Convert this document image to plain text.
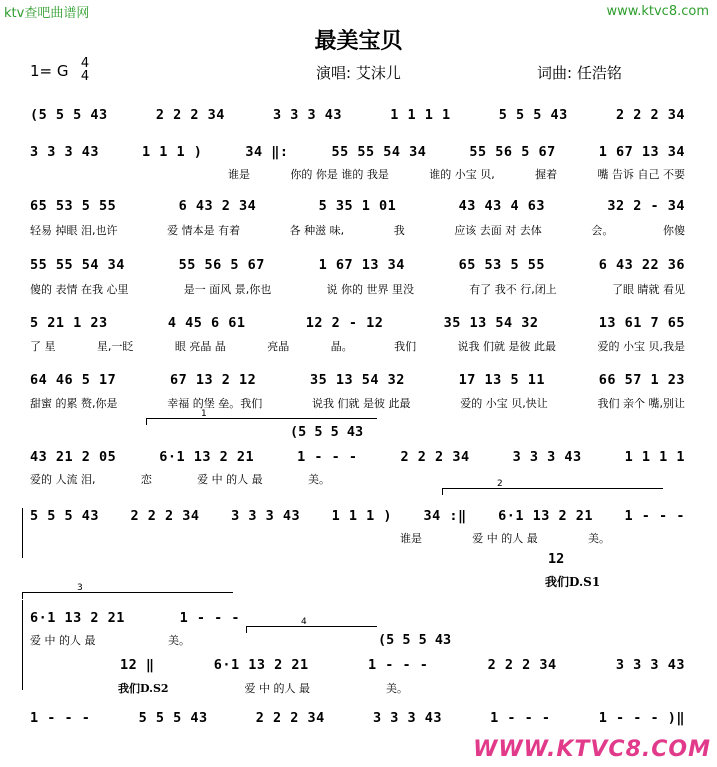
ktv查吧曲谱网	www.ktvc8.com
最美宝贝
1= G 4
4	演唱: 艾沫儿	词曲: 任浩铭
(5 5 5 43	2 2 2 34	3 3 3 43	1 1 1 1	5 5 5 43	2 2 2 34
3 3 3 43	1 1 1 )	34 ‖:	55 55 54 34	55 56 5 67	1 67 13 34
谁是	你的 你是 谁的 我是	谁的 小宝 贝,	握着	嘴 告诉 自己 不要
65 53 5 55	6 43 2 34	5 35 1 01	43 43 4 63	32 2 - 34
轻易 掉眼 泪,也许	爱 情本是 有着	各 种滋 味,	我	应该 去面 对 去体	会。	你傻
55 55 54 34	55 56 5 67	1 67 13 34	65 53 5 55	6 43 22 36
傻的 表情 在我 心里	是一 面风 景,你也	说 你的 世界 里没	有了 我不 行,闭上	了眼 睛就 看见
5 21 1 23	4 45 6 61	12 2 - 12	35 13 54 32	13 61 7 65
了 星	星,一眨	眼 亮晶 晶	亮晶	晶。	我们	说我 们就 是彼 此最	爱的 小宝 贝,我是
64 46 5 17	67 13 2 12	35 13 54 32	17 13 5 11	66 57 1 23
甜蜜 的累 赘,你是	幸福 的堡 垒。我们	说我 们就 是彼 此最	爱的 小宝 贝,快让	我们 亲个 嘴,别让
1
(5 5 5 43
43 21 2 05	6·1 13 2 21	1 - - -	2 2 2 34	3 3 3 43	1 1 1 1
爱的 人流 泪,	恋	爱 中 的人 最	美。	2
5 5 5 43 2 2 2 34 3 3 3 43 1 1 1 ) 34 :‖ 6·1 13 2 21 1 - - -
谁是	爱 中 的人 最	美。
12
我们D.S1
3
6·1 13 2 21	1 - - -
爱 中 的人 最	美。
4
(5 5 5 43
12 ‖	6·1 13 2 21	1 - - -	2 2 2 34	3 3 3 43
我们D.S2	爱 中 的人 最	美。
1 - - -	5 5 5 43	2 2 2 34	3 3 3 43	1 - - -	1 - - - )‖
WWW.KTVC8.COM
